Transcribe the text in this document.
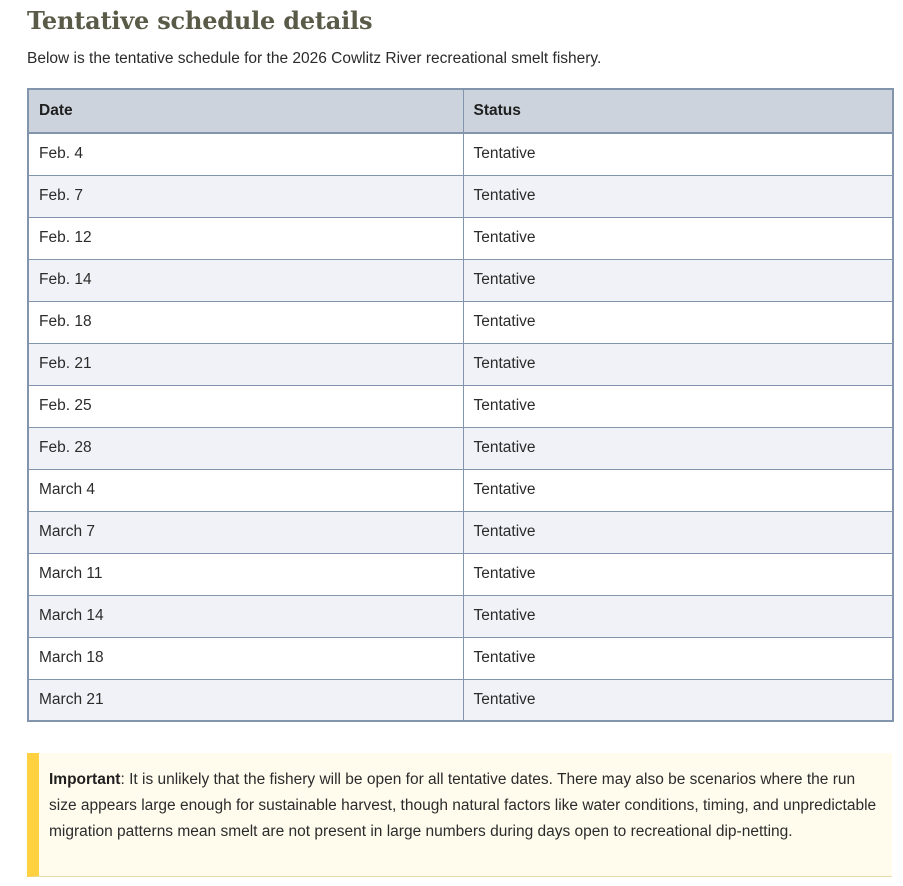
Tentative schedule details

Below is the tentative schedule for the 2026 Cowlitz River recreational smelt fishery.

Date	Status
Feb. 4	Tentative
Feb. 7	Tentative
Feb. 12	Tentative
Feb. 14	Tentative
Feb. 18	Tentative
Feb. 21	Tentative
Feb. 25	Tentative
Feb. 28	Tentative
March 4	Tentative
March 7	Tentative
March 11	Tentative
March 14	Tentative
March 18	Tentative
March 21	Tentative
Important: It is unlikely that the fishery will be open for all tentative dates. There may also be scenarios where the run size appears large enough for sustainable harvest, though natural factors like water conditions, timing, and unpredictable migration patterns mean smelt are not present in large numbers during days open to recreational dip-netting.
